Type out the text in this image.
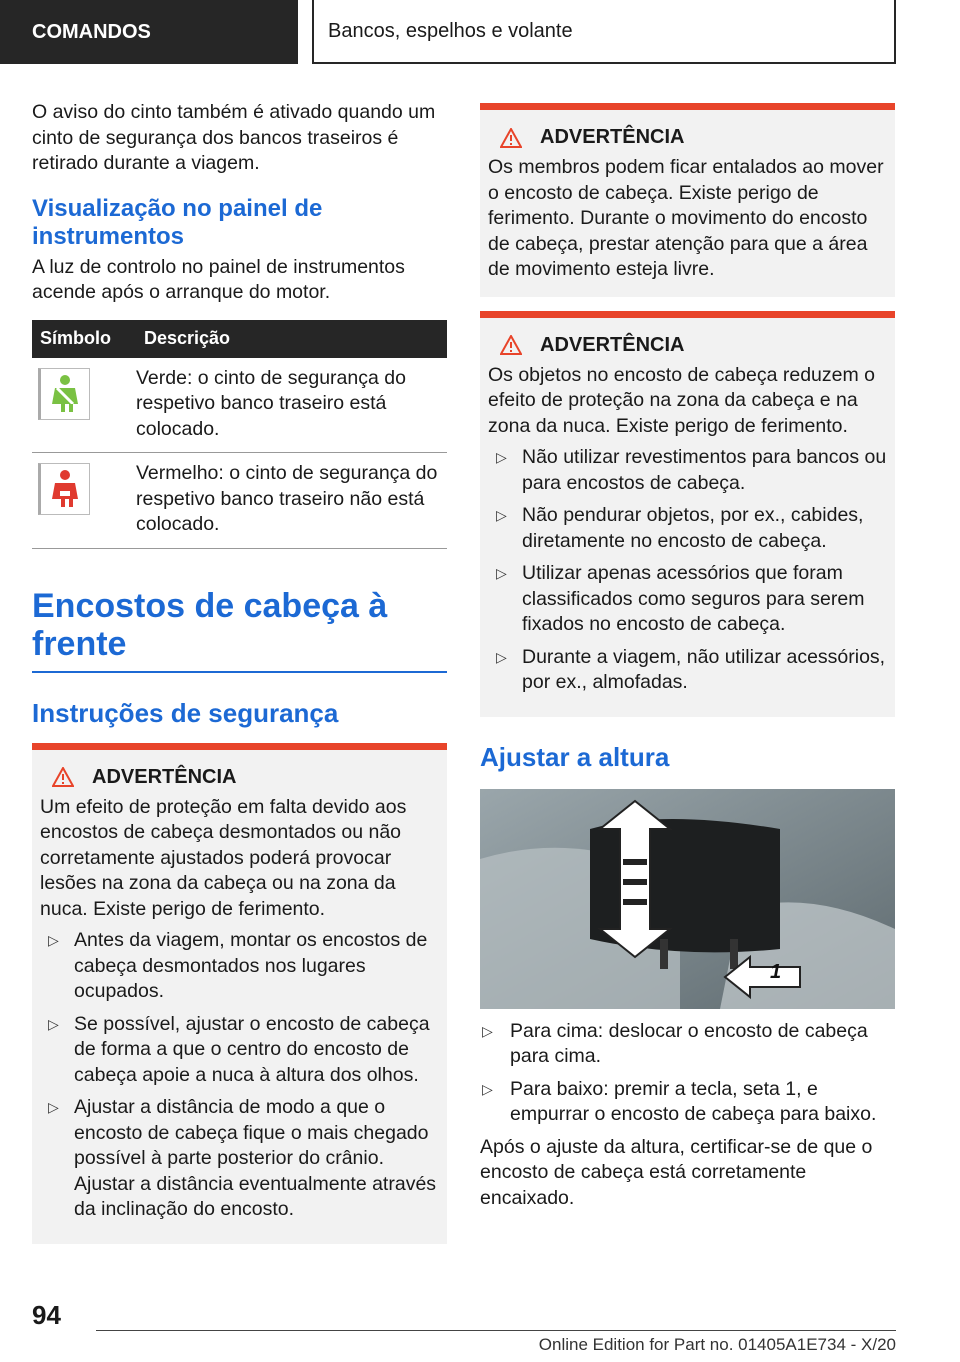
COMANDOS	Bancos, espelhos e volante

O aviso do cinto também é ativado quando um cinto de segurança dos bancos traseiros é retirado durante a viagem.

Visualização no painel de instrumentos

A luz de controlo no painel de instrumentos acende após o arranque do motor.

Símbolo	Descrição

	Verde: o cinto de segurança do respetivo banco traseiro está colocado.

	Vermelho: o cinto de segurança do respetivo banco traseiro não está colocado.
Encostos de cabeça à frente
Instruções de segurança
ADVERTÊNCIA

Um efeito de proteção em falta devido aos encostos de cabeça desmontados ou não corretamente ajustados poderá provocar lesões na zona da cabeça ou na zona da nuca. Existe perigo de ferimento.

▷ Antes da viagem, montar os encostos de cabeça desmontados nos lugares ocupados.
▷ Se possível, ajustar o encosto de cabeça de forma a que o centro do encosto de cabeça apoie a nuca à altura dos olhos.
▷ Ajustar a distância de modo a que o encosto de cabeça fique o mais chegado possível à parte posterior do crânio. Ajustar a distância eventualmente através da inclinação do encosto.
ADVERTÊNCIA

Os membros podem ficar entalados ao mover o encosto de cabeça. Existe perigo de ferimento. Durante o movimento do encosto de cabeça, prestar atenção para que a área de movimento esteja livre.

ADVERTÊNCIA

Os objetos no encosto de cabeça reduzem o efeito de proteção na zona da cabeça e na zona da nuca. Existe perigo de ferimento.

▷ Não utilizar revestimentos para bancos ou para encostos de cabeça.
▷ Não pendurar objetos, por ex., cabides, diretamente no encosto de cabeça.
▷ Utilizar apenas acessórios que foram classificados como seguros para serem fixados no encosto de cabeça.
▷ Durante a viagem, não utilizar acessórios, por ex., almofadas.
Ajustar a altura
1
▷ Para cima: deslocar o encosto de cabeça para cima.
▷ Para baixo: premir a tecla, seta 1, e empurrar o encosto de cabeça para baixo.

Após o ajuste da altura, certificar-se de que o encosto de cabeça está corretamente encaixado.

94
Online Edition for Part no. 01405A1E734 - X/20
